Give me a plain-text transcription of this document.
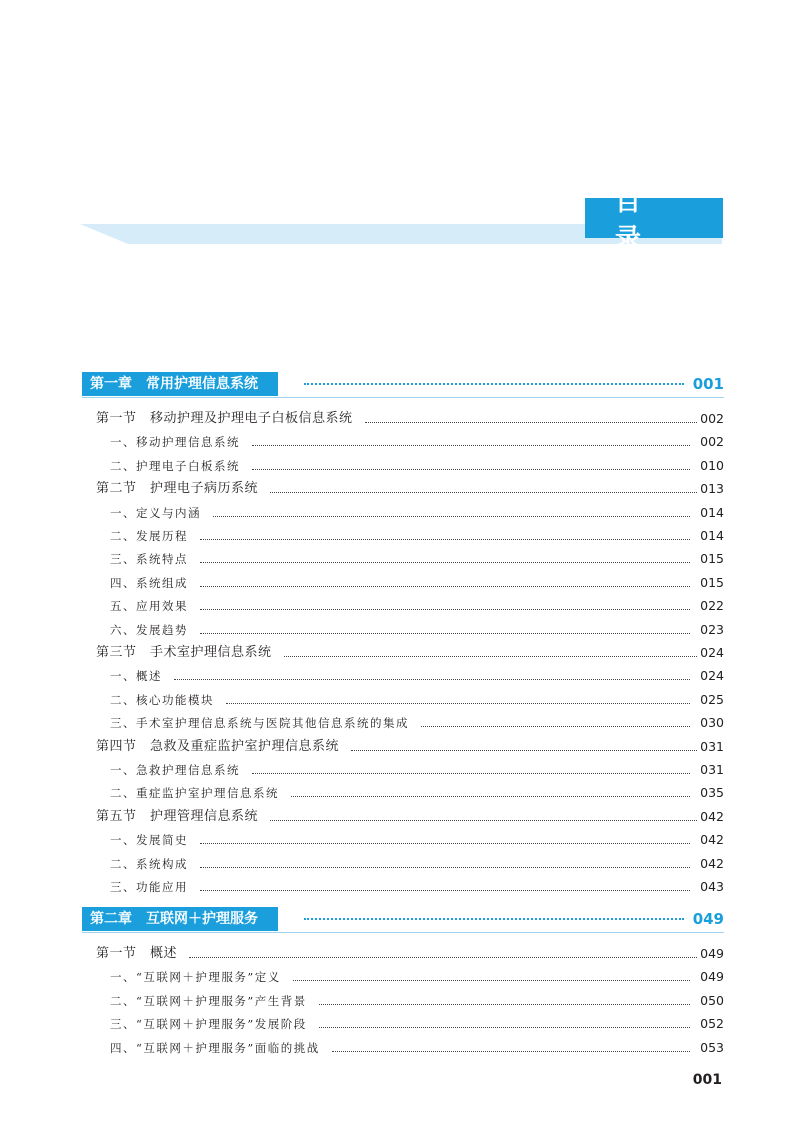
目
第一章　常用护理信息系统	001
第一节　移动护理及护理电子白板信息系统	002
一、移动护理信息系统	002
二、护理电子白板系统	010
第二节　护理电子病历系统	013
一、定义与内涵	014
二、发展历程	014
三、系统特点	015
四、系统组成	015
五、应用效果	022
六、发展趋势	023
第三节　手术室护理信息系统	024
一、概述	024
二、核心功能模块	025
三、手术室护理信息系统与医院其他信息系统的集成	030
第四节　急救及重症监护室护理信息系统	031
一、急救护理信息系统	031
二、重症监护室护理信息系统	035
第五节　护理管理信息系统	042
一、发展简史	042
二、系统构成	042
三、功能应用	043
第二章　互联网＋护理服务	049
第一节　概述	049
一、“互联网＋护理服务”定义	049
二、“互联网＋护理服务”产生背景	050
三、“互联网＋护理服务”发展阶段	052
四、“互联网＋护理服务”面临的挑战	053
001
